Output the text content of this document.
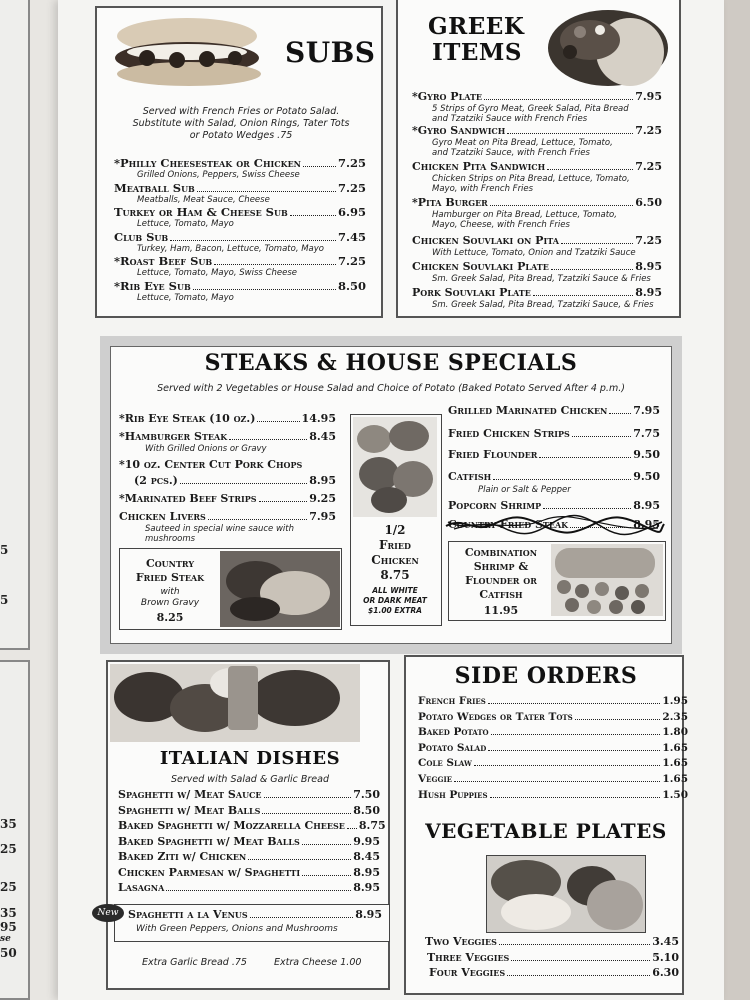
5
5
35
25
25
35
95
se
50
SUBS
Served with French Fries or Potato Salad.
Substitute with Salad, Onion Rings, Tater Tots
or Potato Wedges .75
*Philly Cheesesteak or Chicken	7.25
Grilled Onions, Peppers, Swiss Cheese
Meatball Sub	7.25
Meatballs, Meat Sauce, Cheese
Turkey or Ham & Cheese Sub	6.95
Lettuce, Tomato, Mayo
Club Sub	7.45
Turkey, Ham, Bacon, Lettuce, Tomato, Mayo
*Roast Beef Sub	7.25
Lettuce, Tomato, Mayo, Swiss Cheese
*Rib Eye Sub	8.50
Lettuce, Tomato, Mayo
GREEK
ITEMS
*Gyro Plate	7.95
5 Strips of Gyro Meat, Greek Salad, Pita Bread
and Tzatziki Sauce with French Fries
*Gyro Sandwich	7.25
Gyro Meat on Pita Bread, Lettuce, Tomato,
and Tzatziki Sauce, with French Fries
Chicken Pita Sandwich	7.25
Chicken Strips on Pita Bread, Lettuce, Tomato,
Mayo, with French Fries
*Pita Burger	6.50
Hamburger on Pita Bread, Lettuce, Tomato,
Mayo, Cheese, with French Fries
Chicken Souvlaki on Pita	7.25
With Lettuce, Tomato, Onion and Tzatziki Sauce
Chicken Souvlaki Plate	8.95
Sm. Greek Salad, Pita Bread, Tzatziki Sauce & Fries
Pork Souvlaki Plate	8.95
Sm. Greek Salad, Pita Bread, Tzatziki Sauce, & Fries
STEAKS & HOUSE SPECIALS
Served with 2 Vegetables or House Salad and Choice of Potato (Baked Potato Served After 4 p.m.)
*Rib Eye Steak (10 oz.)	14.95
*Hamburger Steak	8.45
With Grilled Onions or Gravy
*10 oz. Center Cut Pork Chops
(2 pcs.)	8.95
*Marinated Beef Strips	9.25
Chicken Livers	7.95
Sauteed in special wine sauce with
mushrooms
Grilled Marinated Chicken 7.95
Fried Chicken Strips	7.75
Fried Flounder	9.50
Catfish	9.50
Plain or Salt & Pepper
Popcorn Shrimp	8.95
Country
Fried Steak
with
Brown Gravy
8.25
1/2
Fried
Chicken
8.75
ALL WHITE
OR DARK MEAT
$1.00 EXTRA
Country Fried Steak	8.95
Combination
Shrimp &
Flounder or
Catfish
11.95
ITALIAN DISHES
Served with Salad & Garlic Bread
Spaghetti w/ Meat Sauce	7.50
Spaghetti w/ Meat Balls	8.50
Baked Spaghetti w/ Mozzarella Cheese 8.75
Baked Spaghetti w/ Meat Balls	9.95
Baked Ziti w/ Chicken	8.45
Chicken Parmesan w/ Spaghetti	8.95
Lasagna	8.95
New Spaghetti a la Venus	8.95
With Green Peppers, Onions and Mushrooms
Extra Garlic Bread .75	Extra Cheese 1.00
SIDE ORDERS
VEGETABLE PLATES
French Fries	1.95
Potato Wedges or Tater Tots	2.35
Baked Potato	1.80
Potato Salad	1.65
Cole Slaw	1.65
Veggie	1.65
Hush Puppies	1.50
Two Veggies	3.45
Three Veggies	5.10
Four Veggies	6.30
